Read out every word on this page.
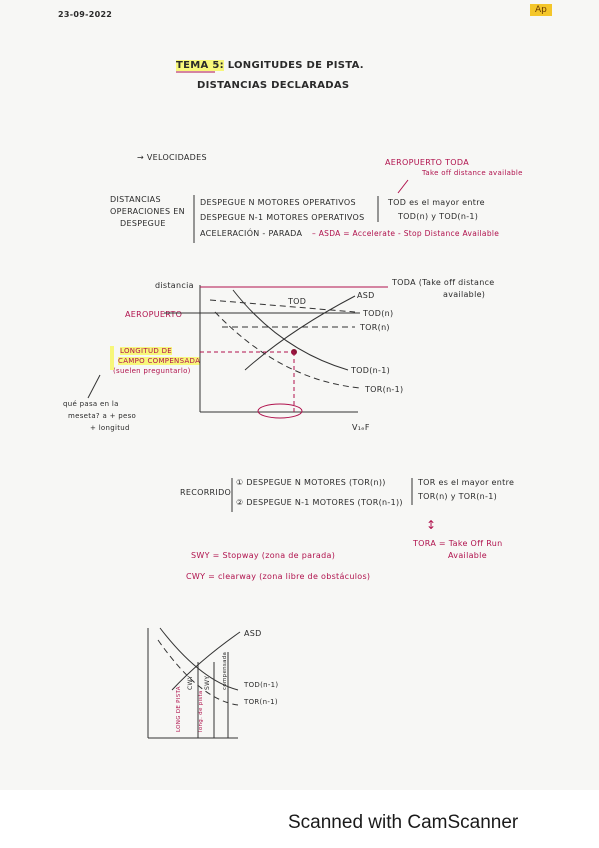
Ap
23-09-2022
TEMA 5: LONGITUDES DE PISTA.
DISTANCIAS DECLARADAS
→ VELOCIDADES
AEROPUERTO TODA
Take off distance available
DISTANCIAS
OPERACIONES EN
DESPEGUE
DESPEGUE N MOTORES OPERATIVOS
DESPEGUE N-1 MOTORES OPERATIVOS
ACELERACIÓN - PARADA – ASDA = Accelerate - Stop Distance Available
TOD es el mayor entre
TOD(n) y TOD(n-1)
distancia
AEROPUERTO
TODA (Take off distance
available)
TOD
ASD
TOD(n)
TOR(n)
TOD(n-1)
TOR(n-1)
V₁ₑF
LONGITUD DE
CAMPO COMPENSADA
(suelen preguntarlo)
qué pasa en la
meseta? a + peso
+ longitud
RECORRIDO
① DESPEGUE N MOTORES (TOR(n))
② DESPEGUE N-1 MOTORES (TOR(n-1))
TOR es el mayor entre
TOR(n) y TOR(n-1)
↕
TORA = Take Off Run
Available
SWY = Stopway (zona de parada)
CWY = clearway (zona libre de obstáculos)
ASD
TOD(n-1)
TOR(n-1)
CWY SWY
LONG DE PISTA	long. de pista
compensada
Scanned with CamScanner
